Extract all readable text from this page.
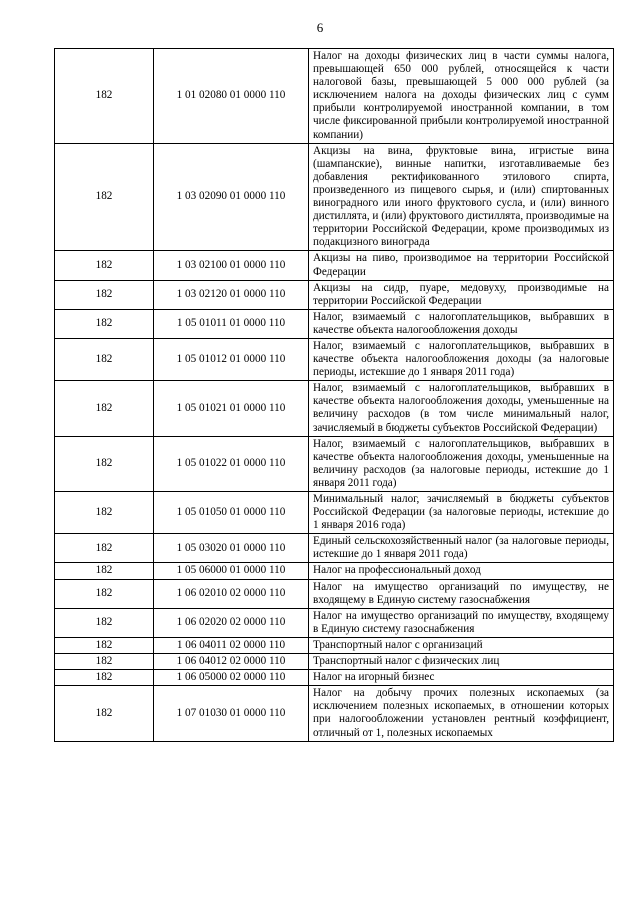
6
182	1 01 02080 01 0000 110	Налог на доходы физических лиц в части суммы налога, превышающей 650 000 рублей, относящейся к части налоговой базы, превышающей 5 000 000 рублей (за исключением налога на доходы физических лиц с сумм прибыли контролируемой иностранной компании, в том числе фиксированной прибыли контролируемой иностранной компании)
182	1 03 02090 01 0000 110	Акцизы на вина, фруктовые вина, игристые вина (шампанские), винные напитки, изготавливаемые без добавления ректификованного этилового спирта, произведенного из пищевого сырья, и (или) спиртованных виноградного или иного фруктового сусла, и (или) винного дистиллята, и (или) фруктового дистиллята, производимые на территории Российской Федерации, кроме производимых из подакцизного винограда
182	1 03 02100 01 0000 110	Акцизы на пиво, производимое на территории Российской Федерации
182	1 03 02120 01 0000 110	Акцизы на сидр, пуаре, медовуху, производимые на территории Российской Федерации
182	1 05 01011 01 0000 110	Налог, взимаемый с налогоплательщиков, выбравших в качестве объекта налогообложения доходы
182	1 05 01012 01 0000 110	Налог, взимаемый с налогоплательщиков, выбравших в качестве объекта налогообложения доходы (за налоговые периоды, истекшие до 1 января 2011 года)
182	1 05 01021 01 0000 110	Налог, взимаемый с налогоплательщиков, выбравших в качестве объекта налогообложения доходы, уменьшенные на величину расходов (в том числе минимальный налог, зачисляемый в бюджеты субъектов Российской Федерации)
182	1 05 01022 01 0000 110	Налог, взимаемый с налогоплательщиков, выбравших в качестве объекта налогообложения доходы, уменьшенные на величину расходов (за налоговые периоды, истекшие до 1 января 2011 года)
182	1 05 01050 01 0000 110	Минимальный налог, зачисляемый в бюджеты субъектов Российской Федерации (за налоговые периоды, истекшие до 1 января 2016 года)
182	1 05 03020 01 0000 110	Единый сельскохозяйственный налог (за налоговые периоды, истекшие до 1 января 2011 года)
182	1 05 06000 01 0000 110	Налог на профессиональный доход
182	1 06 02010 02 0000 110	Налог на имущество организаций по имуществу, не входящему в Единую систему газоснабжения
182	1 06 02020 02 0000 110	Налог на имущество организаций по имуществу, входящему в Единую систему газоснабжения
182	1 06 04011 02 0000 110	Транспортный налог с организаций
182	1 06 04012 02 0000 110	Транспортный налог с физических лиц
182	1 06 05000 02 0000 110	Налог на игорный бизнес
182	1 07 01030 01 0000 110	Налог на добычу прочих полезных ископаемых (за исключением полезных ископаемых, в отношении которых при налогообложении установлен рентный коэффициент, отличный от 1, полезных ископаемых
